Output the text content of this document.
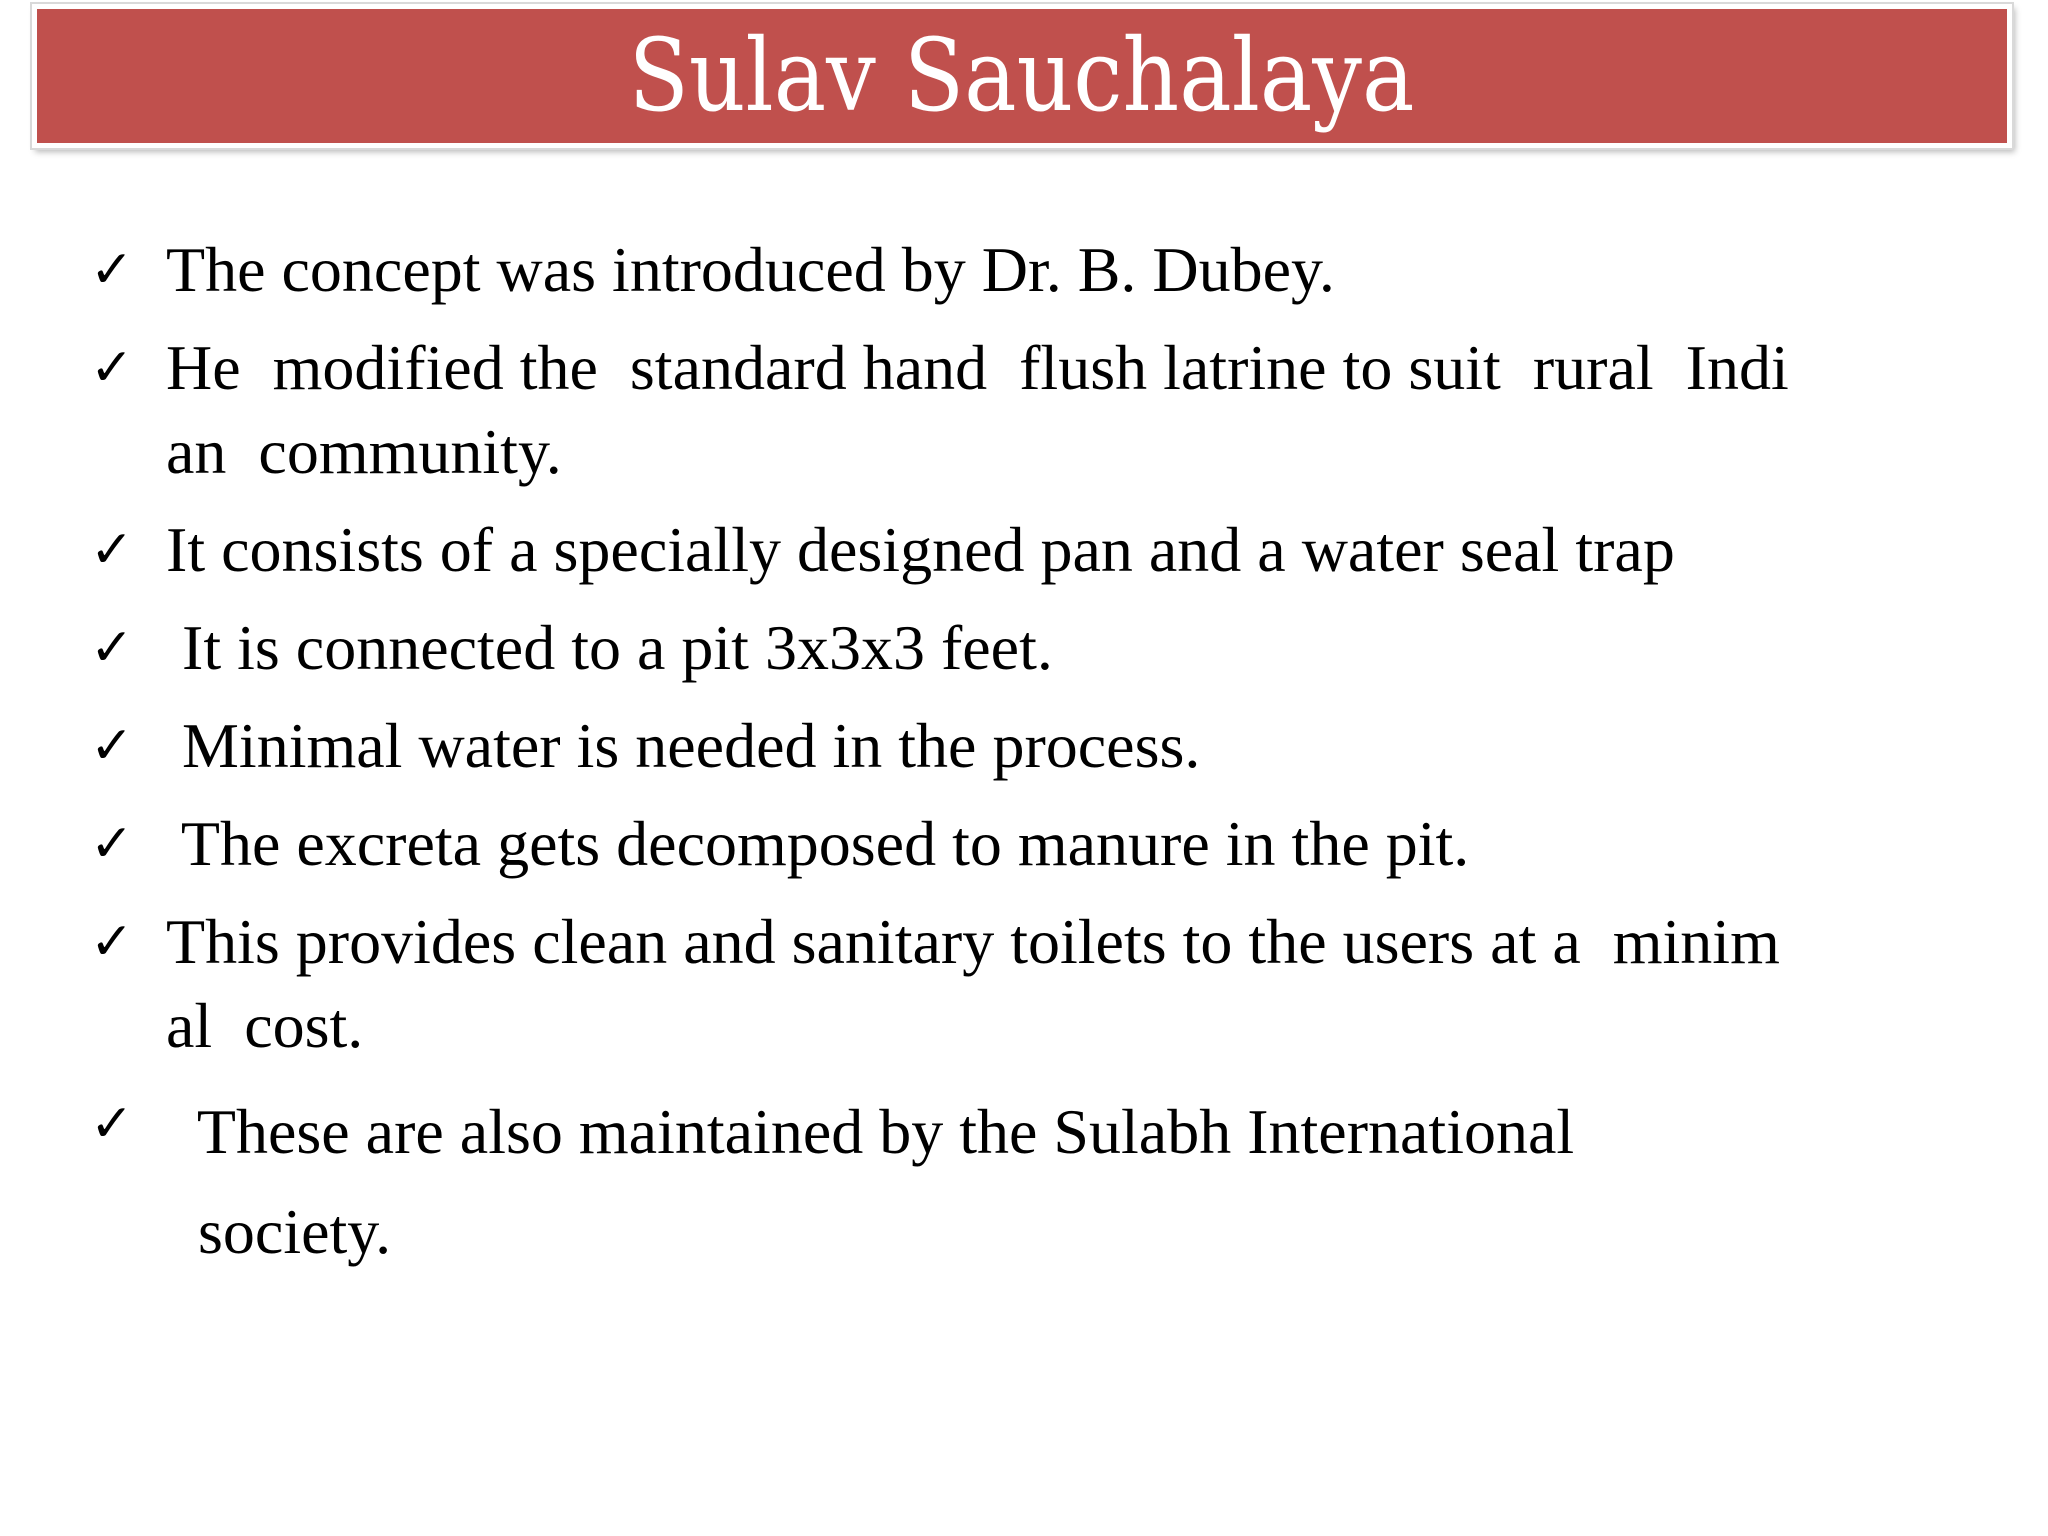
Sulav Sauchalaya
✓ The concept was introduced by Dr. B. Dubey.
✓ He  modified the  standard hand  flush latrine to suit  rural  Indi
an  community.
✓ It consists of a specially designed pan and a water seal trap
✓ It is connected to a pit 3x3x3 feet.
✓ Minimal water is needed in the process.
✓ The excreta gets decomposed to manure in the pit.
✓ This provides clean and sanitary toilets to the users at a  minim
al  cost.
✓ These are also maintained by the Sulabh International
society.
